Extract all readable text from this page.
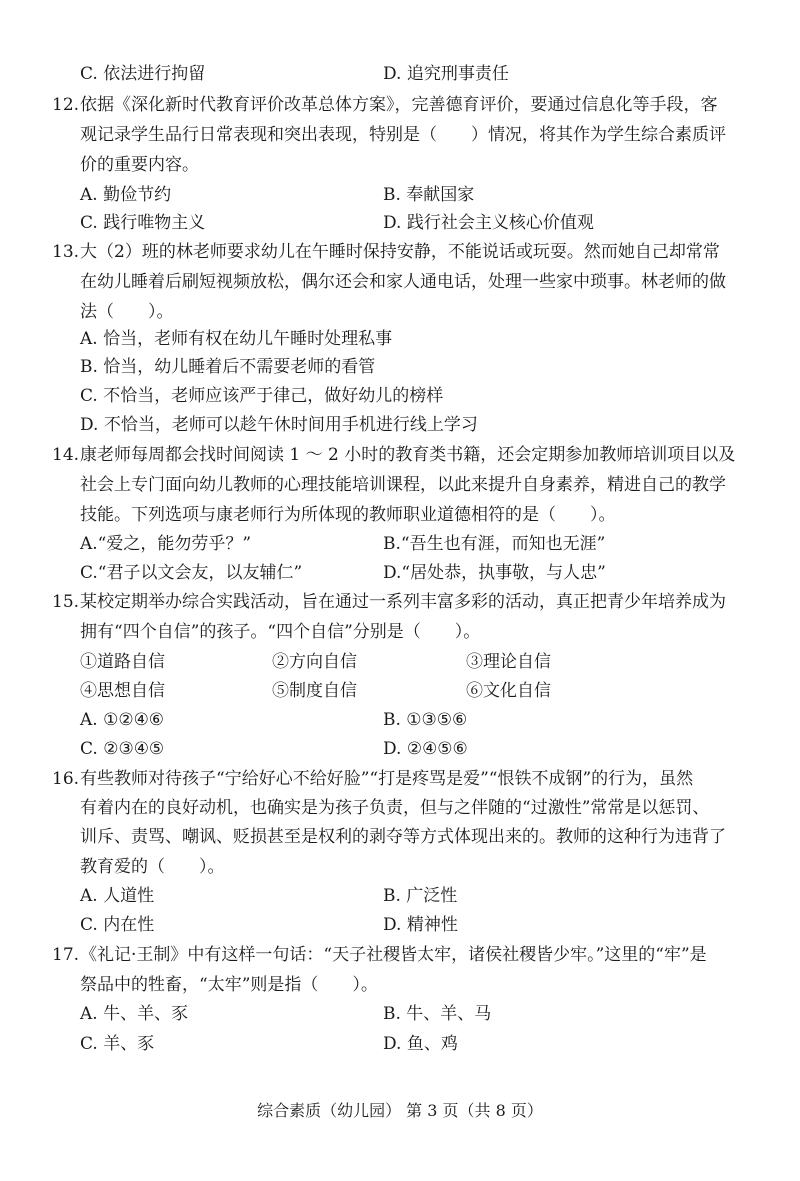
C. 依法进行拘留	D. 追究刑事责任
12. 依据《深化新时代教育评价改革总体方案》，完善德育评价，要通过信息化等手段，客
观记录学生品行日常表现和突出表现，特别是（　　）情况，将其作为学生综合素质评
价的重要内容。
A. 勤俭节约	B. 奉献国家
C. 践行唯物主义	D. 践行社会主义核心价值观
13. 大（2）班的林老师要求幼儿在午睡时保持安静，不能说话或玩耍。然而她自己却常常
在幼儿睡着后刷短视频放松，偶尔还会和家人通电话，处理一些家中琐事。林老师的做
法（　　）。
A. 恰当，老师有权在幼儿午睡时处理私事
B. 恰当，幼儿睡着后不需要老师的看管
C. 不恰当，老师应该严于律己，做好幼儿的榜样
D. 不恰当，老师可以趁午休时间用手机进行线上学习
14. 康老师每周都会找时间阅读 1 ～ 2 小时的教育类书籍，还会定期参加教师培训项目以及
社会上专门面向幼儿教师的心理技能培训课程，以此来提升自身素养，精进自己的教学
技能。下列选项与康老师行为所体现的教师职业道德相符的是（　　）。
A.“爱之，能勿劳乎？”	B.“吾生也有涯，而知也无涯”
C.“君子以文会友，以友辅仁”	D.“居处恭，执事敬，与人忠”
15. 某校定期举办综合实践活动，旨在通过一系列丰富多彩的活动，真正把青少年培养成为
拥有“四个自信”的孩子。“四个自信”分别是（　　）。
①道路自信	②方向自信	③理论自信
④思想自信	⑤制度自信	⑥文化自信
A. ①②④⑥	B. ①③⑤⑥
C. ②③④⑤	D. ②④⑤⑥
16. 有些教师对待孩子“宁给好心不给好脸”“打是疼骂是爱”“恨铁不成钢”的行为，虽然
有着内在的良好动机，也确实是为孩子负责，但与之伴随的“过激性”常常是以惩罚、
训斥、责骂、嘲讽、贬损甚至是权利的剥夺等方式体现出来的。教师的这种行为违背了
教育爱的（　　）。
A. 人道性	B. 广泛性
C. 内在性	D. 精神性
17. 《礼记·王制》中有这样一句话：“天子社稷皆太牢，诸侯社稷皆少牢。”这里的“牢”是
祭品中的牲畜，“太牢”则是指（　　）。
A. 牛、羊、豕	B. 牛、羊、马
C. 羊、豕	D. 鱼、鸡
综合素质（幼儿园） 第 3 页（共 8 页）
